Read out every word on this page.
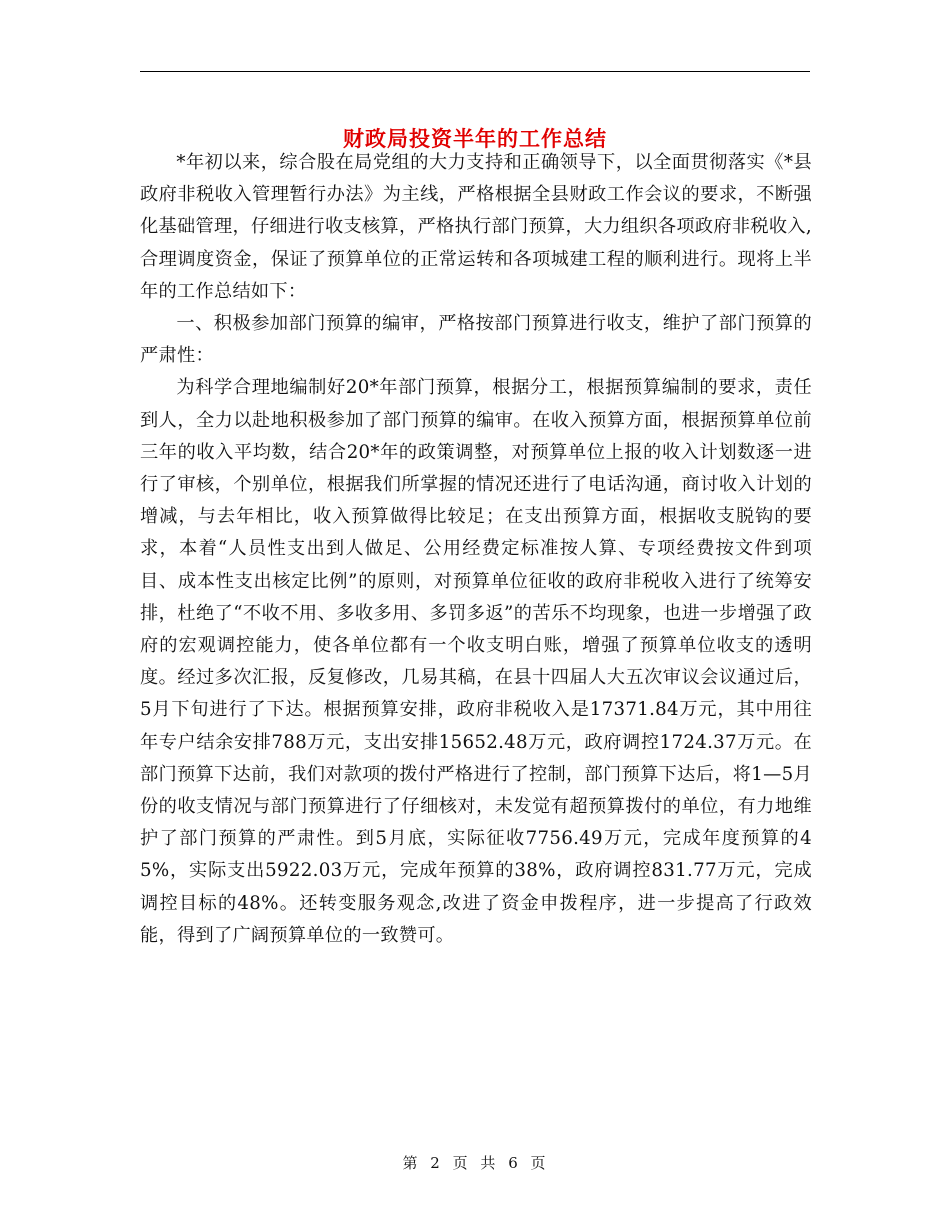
财政局投资半年的工作总结

*年初以来，综合股在局党组的大力支持和正确领导下，以全面贯彻落实《*县政府非税收入管理暂行办法》为主线，严格根据全县财政工作会议的要求，不断强化基础管理，仔细进行收支核算，严格执行部门预算，大力组织各项政府非税收入,合理调度资金，保证了预算单位的正常运转和各项城建工程的顺利进行。现将上半年的工作总结如下：

一、积极参加部门预算的编审，严格按部门预算进行收支，维护了部门预算的严肃性：

为科学合理地编制好20*年部门预算，根据分工，根据预算编制的要求，责任到人，全力以赴地积极参加了部门预算的编审。在收入预算方面，根据预算单位前三年的收入平均数，结合20*年的政策调整，对预算单位上报的收入计划数逐一进行了审核，个别单位，根据我们所掌握的情况还进行了电话沟通，商讨收入计划的增减，与去年相比，收入预算做得比较足；在支出预算方面，根据收支脱钩的要求，本着“人员性支出到人做足、公用经费定标准按人算、专项经费按文件到项目、成本性支出核定比例”的原则，对预算单位征收的政府非税收入进行了统筹安排，杜绝了“不收不用、多收多用、多罚多返”的苦乐不均现象，也进一步增强了政府的宏观调控能力，使各单位都有一个收支明白账，增强了预算单位收支的透明度。经过多次汇报，反复修改，几易其稿，在县十四届人大五次审议会议通过后，5月下旬进行了下达。根据预算安排，政府非税收入是17371.84万元，其中用往年专户结余安排788万元，支出安排15652.48万元，政府调控1724.37万元。在部门预算下达前，我们对款项的拨付严格进行了控制，部门预算下达后，将1—5月份的收支情况与部门预算进行了仔细核对，未发觉有超预算拨付的单位，有力地维护了部门预算的严肃性。到5月底，实际征收7756.49万元，完成年度预算的45%，实际支出5922.03万元，完成年预算的38%，政府调控831.77万元，完成调控目标的48%。还转变服务观念,改进了资金申拨程序，进一步提高了行政效能，得到了广阔预算单位的一致赞可。

第 2 页 共 6 页
